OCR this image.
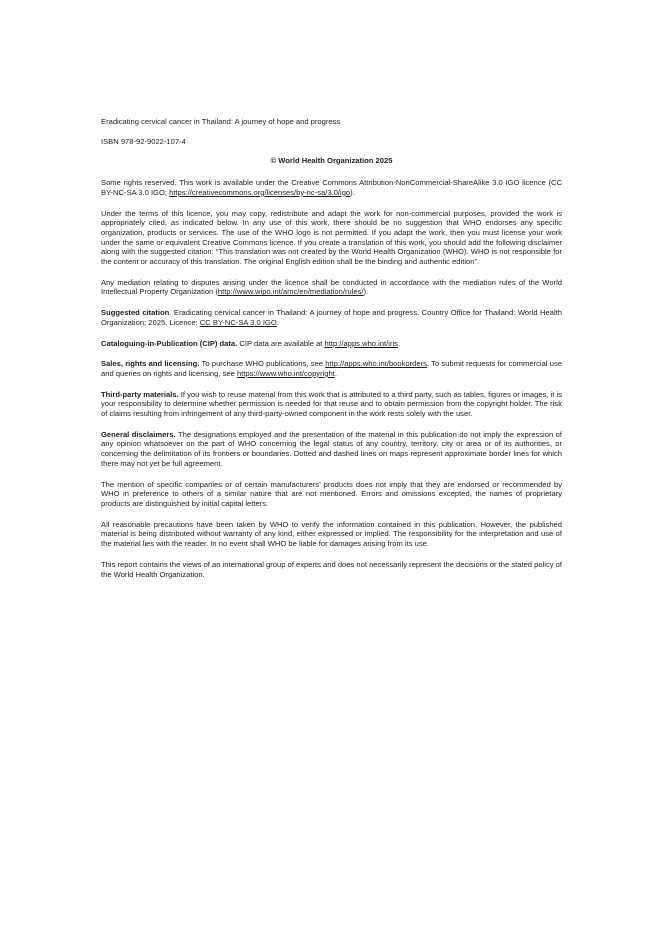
Eradicating cervical cancer in Thailand: A journey of hope and progress

ISBN 978-92-9022-107-4

© World Health Organization 2025

Some rights reserved. This work is available under the Creative Commons Attribution-NonCommercial-ShareAlike 3.0 IGO licence (CC BY-NC-SA 3.0 IGO; https://creativecommons.org/licenses/by-nc-sa/3.0/igo).

Under the terms of this licence, you may copy, redistribute and adapt the work for non-commercial purposes, provided the work is appropriately cited, as indicated below. In any use of this work, there should be no suggestion that WHO endorses any specific organization, products or services. The use of the WHO logo is not permitted. If you adapt the work, then you must license your work under the same or equivalent Creative Commons licence. If you create a translation of this work, you should add the following disclaimer along with the suggested citation: “This translation was not created by the World Health Organization (WHO). WHO is not responsible for the content or accuracy of this translation. The original English edition shall be the binding and authentic edition”.

Any mediation relating to disputes arising under the licence shall be conducted in accordance with the mediation rules of the World Intellectual Property Organization (http://www.wipo.int/amc/en/mediation/rules/).

Suggested citation. Eradicating cervical cancer in Thailand: A journey of hope and progress. Country Office for Thailand: World Health Organization; 2025. Licence: CC BY-NC-SA 3.0 IGO.

Cataloguing-in-Publication (CIP) data. CIP data are available at http://apps.who.int/iris.

Sales, rights and licensing. To purchase WHO publications, see http://apps.who.int/bookorders. To submit requests for commercial use and queries on rights and licensing, see https://www.who.int/copyright.

Third-party materials. If you wish to reuse material from this work that is attributed to a third party, such as tables, figures or images, it is your responsibility to determine whether permission is needed for that reuse and to obtain permission from the copyright holder. The risk of claims resulting from infringement of any third-party-owned component in the work rests solely with the user.

General disclaimers. The designations employed and the presentation of the material in this publication do not imply the expression of any opinion whatsoever on the part of WHO concerning the legal status of any country, territory, city or area or of its authorities, or concerning the delimitation of its frontiers or boundaries. Dotted and dashed lines on maps represent approximate border lines for which there may not yet be full agreement.

The mention of specific companies or of certain manufacturers’ products does not imply that they are endorsed or recommended by WHO in preference to others of a similar nature that are not mentioned. Errors and omissions excepted, the names of proprietary products are distinguished by initial capital letters.

All reasonable precautions have been taken by WHO to verify the information contained in this publication. However, the published material is being distributed without warranty of any kind, either expressed or implied. The responsibility for the interpretation and use of the material lies with the reader. In no event shall WHO be liable for damages arising from its use.

This report contains the views of an international group of experts and does not necessarily represent the decisions or the stated policy of the World Health Organization.
